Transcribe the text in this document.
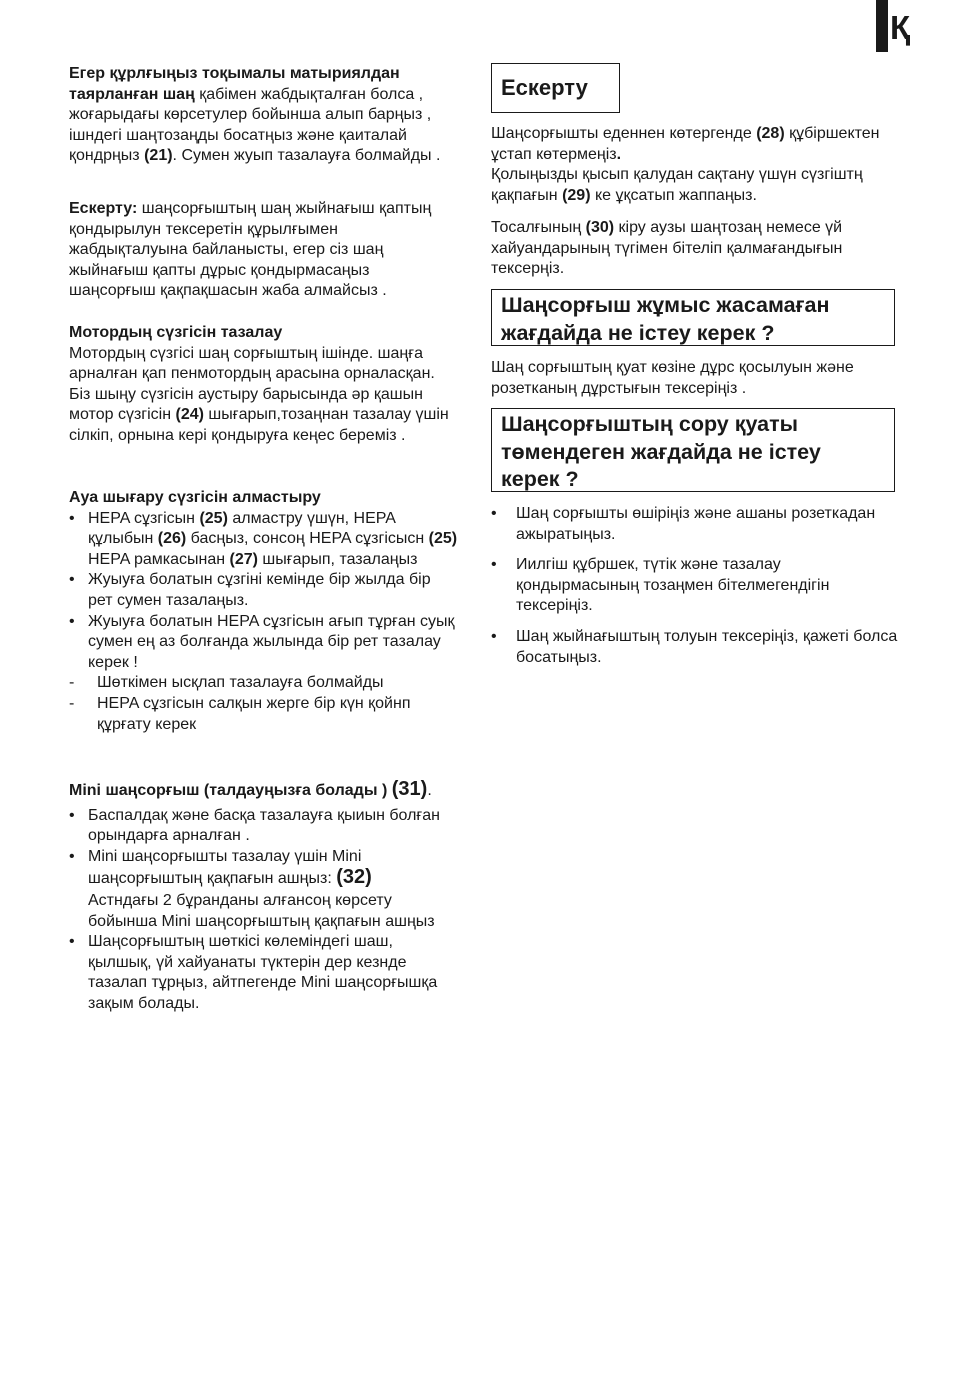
Қ

Егер құрлғыңыз тоқымалы матыриялдан таярланған шаң қабімен жабдықталған болса , жоғарыдағы көрсетулер бойынша алып барңыз , ішндегі шаңтозаңды босатңыз және қаиталай қондрңыз (21). Сумен жуып тазалауға болмайды .

Ескерту: шаңсорғыштың шаң жыйнағыш қаптың қондырылун тексеретін құрылғымен жабдықталуына байланысты, егер сіз шаң жыйнағыш қапты дұрыс қондырмасаңыз шаңсорғыш қақпақшасын жаба алмайсыз .

Мотордың сүзгісін тазалау

Мотордың сүзгісі шаң сорғыштың ішінде. шаңға арналған қап пенмотордың арасына орналасқан. Біз шыңу сүзгісін аустыру барысында әр қашын мотор сүзгісін (24) шығарып,тозаңнан тазалау үшін сілкіп, орнына кері қондыруға кеңес береміз .

Ауа шығару сүзгісін алмастыру

• HEPA сұзгісын (25) алмастру үшүн, HEPA құлыбын (26) басңыз, сонсоң HEPA сұзгісысн (25) HEPA рамкасынан (27) шығарып, тазалаңыз
• Жуыуға болатын сұзгіні кемінде бір жылда бір рет сумен тазалаңыз.
• Жуыуға болатын HEPA сұзгісын ағып тұрған суық сумен ең аз болғанда жылында бір рет тазалау керек !
- Шөткімен ысқлап тазалауға болмайды
- HEPA сұзгісын салқын жерге бір күн қойнп құрғату керек

Mini шаңсорғыш (талдауңызға болады ) (31).

• Баспалдақ және басқа тазалауға қыиын болған орындарға арналған .
• Mini шаңсорғышты тазалау үшін Mini шаңсорғыштың қақпағын ашңыз: (32)

Астндағы 2 бұранданы алғансоң көрсету бойынша Mini шаңсорғыштың қақпағын ашңыз

• Шаңсорғыштың шөткісі көлеміндегі шаш, қылшық, үй хайуанаты түктерін дер кезнде тазалап тұрңыз, айтпегенде Mini шаңсорғышқа зақым болады.
Ескерту

Шаңсорғышты еденнен көтергенде (28) құбіршектен ұстап көтермеңіз.
Қолыңызды қысып қалудан сақтану үшүн сүзгіштң қақпағын (29) ке ұқсатып жаппаңыз.

Тосалғының (30) кіру аузы шаңтозаң немесе үй хайуандарының түгімен бітеліп қалмағандығын тексерңіз.

Шаңсорғыш жұмыс жасамаған жағдайда не істеу керек ?

Шаң сорғыштың қуат көзіне дұрс қосылуын және розетканың дұрстығын тексеріңіз .

Шаңсорғыштың сору қуаты төмендеген жағдайда не істеу керек ?
• Шаң сорғышты өшіріңіз және ашаны розеткадан ажыратыңыз.
• Иилгіш құбршек, түтік және тазалау қондырмасының тозаңмен бітелмегендігін тексеріңіз.
• Шаң жыйнағыштың толуын тексеріңіз, қажеті болса босатыңыз.
